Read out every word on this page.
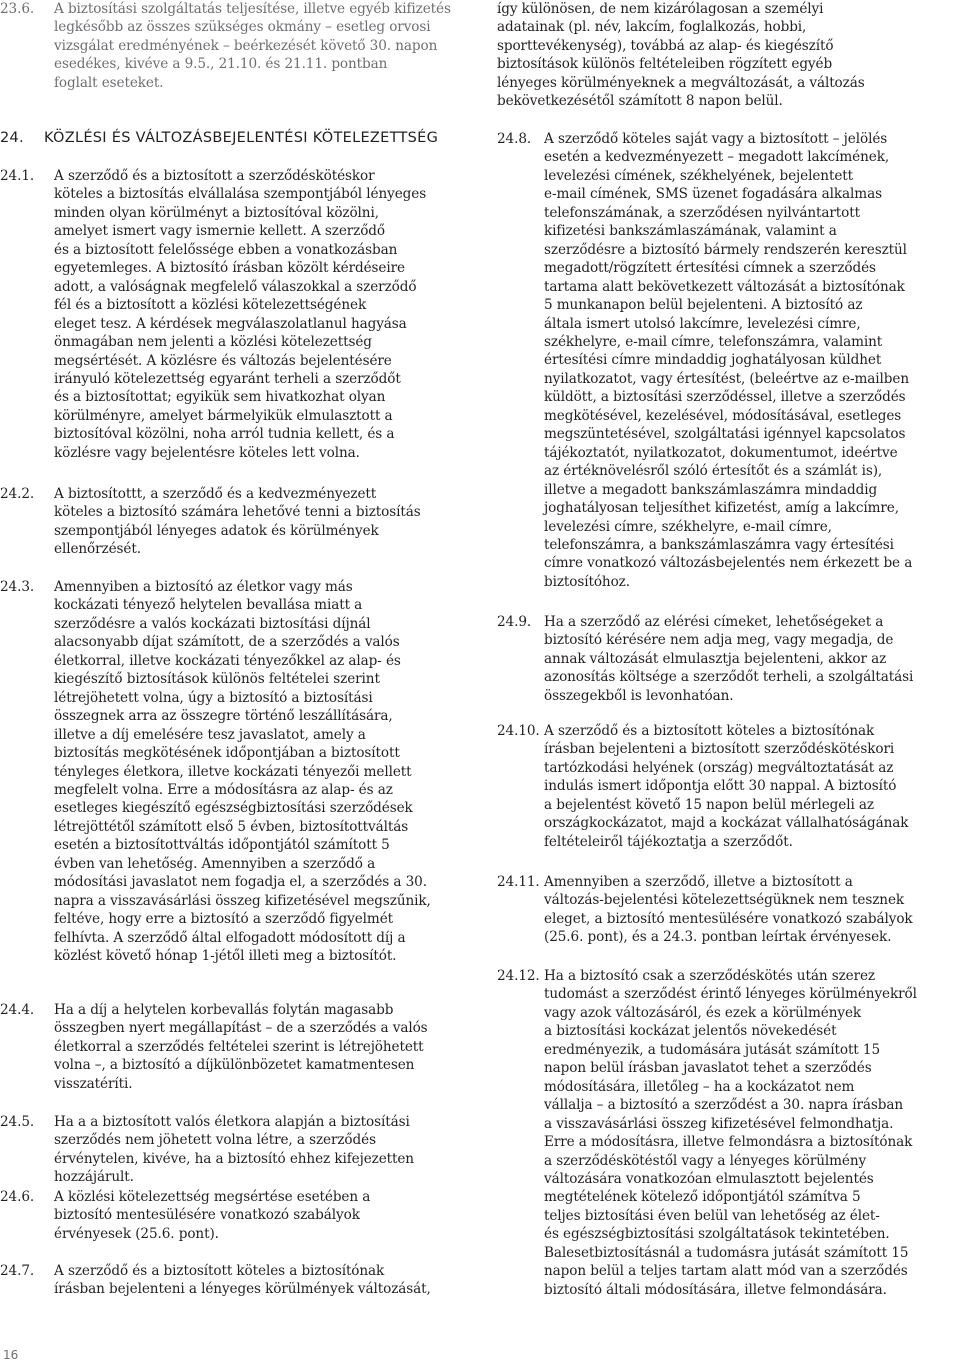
23.6.	A biztosítási szolgáltatás teljesítése, illetve egyéb kifizetés
legkésőbb az összes szükséges okmány – esetleg orvosi
vizsgálat eredményének – beérkezését követő 30. napon
esedékes, kivéve a 9.5., 21.10. és 21.11. pontban
foglalt eseteket.
24.	KÖZLÉSI ÉS VÁLTOZÁSBEJELENTÉSI KÖTELEZETTSÉG
24.1.	A szerződő és a biztosított a szerződéskötéskor
köteles a biztosítás elvállalása szempontjából lényeges
minden olyan körülményt a biztosítóval közölni,
amelyet ismert vagy ismernie kellett. A szerződő
és a biztosított felelőssége ebben a vonatkozásban
egyetemleges. A biztosító írásban közölt kérdéseire
adott, a valóságnak megfelelő válaszokkal a szerződő
fél és a biztosított a közlési kötelezettségének
eleget tesz. A kérdések megválaszolatlanul hagyása
önmagában nem jelenti a közlési kötelezettség
megsértését. A közlésre és változás bejelentésére
irányuló kötelezettség egyaránt terheli a szerződőt
és a biztosítottat; egyikük sem hivatkozhat olyan
körülményre, amelyet bármelyikük elmulasztott a
biztosítóval közölni, noha arról tudnia kellett, és a
közlésre vagy bejelentésre köteles lett volna.
24.2.	A biztosítottt, a szerződő és a kedvezményezett
köteles a biztosító számára lehetővé tenni a biztosítás
szempontjából lényeges adatok és körülmények
ellenőrzését.
24.3.	Amennyiben a biztosító az életkor vagy más
kockázati tényező helytelen bevallása miatt a
szerződésre a valós kockázati biztosítási díjnál
alacsonyabb díjat számított, de a szerződés a valós
életkorral, illetve kockázati tényezőkkel az alap- és
kiegészítő biztosítások különös feltételei szerint
létrejöhetett volna, úgy a biztosító a biztosítási
összegnek arra az összegre történő leszállítására,
illetve a díj emelésére tesz javaslatot, amely a
biztosítás megkötésének időpontjában a biztosított
tényleges életkora, illetve kockázati tényezői mellett
megfelelt volna. Erre a módosításra az alap- és az
esetleges kiegészítő egészségbiztosítási szerződések
létrejöttétől számított első 5 évben, biztosítottváltás
esetén a biztosítottváltás időpontjától számított 5
évben van lehetőség. Amennyiben a szerződő a
módosítási javaslatot nem fogadja el, a szerződés a 30.
napra a visszavásárlási összeg kifizetésével megszűnik,
feltéve, hogy erre a biztosító a szerződő figyelmét
felhívta. A szerződő által elfogadott módosított díj a
közlést követő hónap 1-jétől illeti meg a biztosítót.
24.4.	Ha a díj a helytelen korbevallás folytán magasabb
összegben nyert megállapítást – de a szerződés a valós
életkorral a szerződés feltételei szerint is létrejöhetett
volna –, a biztosító a díjkülönbözetet kamatmentesen
visszatéríti.
24.5.	Ha a a biztosított valós életkora alapján a biztosítási
szerződés nem jöhetett volna létre, a szerződés
érvénytelen, kivéve, ha a biztosító ehhez kifejezetten
hozzájárult.
24.6.	A közlési kötelezettség megsértése esetében a
biztosító mentesülésére vonatkozó szabályok
érvényesek (25.6. pont).
24.7.	A szerződő és a biztosított köteles a biztosítónak
írásban bejelenteni a lényeges körülmények változását,
így különösen, de nem kizárólagosan a személyi
adatainak (pl. név, lakcím, foglalkozás, hobbi,
sporttevékenység), továbbá az alap- és kiegészítő
biztosítások különös feltételeiben rögzített egyéb
lényeges körülményeknek a megváltozását, a változás
bekövetkezésétől számított 8 napon belül.
24.8. A szerződő köteles saját vagy a biztosított – jelölés
esetén a kedvezményezett – megadott lakcímének,
levelezési címének, székhelyének, bejelentett
e-mail címének, SMS üzenet fogadására alkalmas
telefonszámának, a szerződésen nyilvántartott
kifizetési bankszámlaszámának, valamint a
szerződésre a biztosító bármely rendszerén keresztül
megadott/rögzített értesítési címnek a szerződés
tartama alatt bekövetkezett változását a biztosítónak
5 munkanapon belül bejelenteni. A biztosító az
általa ismert utolsó lakcímre, levelezési címre,
székhelyre, e-mail címre, telefonszámra, valamint
értesítési címre mindaddig joghatályosan küldhet
nyilatkozatot, vagy értesítést, (beleértve az e-mailben
küldött, a biztosítási szerződéssel, illetve a szerződés
megkötésével, kezelésével, módosításával, esetleges
megszüntetésével, szolgáltatási igénnyel kapcsolatos
tájékoztatót, nyilatkozatot, dokumentumot, ideértve
az értéknövelésről szóló értesítőt és a számlát is),
illetve a megadott bankszámlaszámra mindaddig
joghatályosan teljesíthet kifizetést, amíg a lakcímre,
levelezési címre, székhelyre, e-mail címre,
telefonszámra, a bankszámlaszámra vagy értesítési
címre vonatkozó változásbejelentés nem érkezett be a
biztosítóhoz.
24.9. Ha a szerződő az elérési címeket, lehetőségeket a
biztosító kérésére nem adja meg, vagy megadja, de
annak változását elmulasztja bejelenteni, akkor az
azonosítás költsége a szerződőt terheli, a szolgáltatási
összegekből is levonhatóan.
24.10. A szerződő és a biztosított köteles a biztosítónak
írásban bejelenteni a biztosított szerződéskötéskori
tartózkodási helyének (ország) megváltoztatását az
indulás ismert időpontja előtt 30 nappal. A biztosító
a bejelentést követő 15 napon belül mérlegeli az
országkockázatot, majd a kockázat vállalhatóságának
feltételeiről tájékoztatja a szerződőt.
24.11. Amennyiben a szerződő, illetve a biztosított a
változás-bejelentési kötelezettségüknek nem tesznek
eleget, a biztosító mentesülésére vonatkozó szabályok
(25.6. pont), és a 24.3. pontban leírtak érvényesek.
24.12. Ha a biztosító csak a szerződéskötés után szerez
tudomást a szerződést érintő lényeges körülményekről
vagy azok változásáról, és ezek a körülmények
a biztosítási kockázat jelentős növekedését
eredményezik, a tudomására jutását számított 15
napon belül írásban javaslatot tehet a szerződés
módosítására, illetőleg – ha a kockázatot nem
vállalja – a biztosító a szerződést a 30. napra írásban
a visszavásárlási összeg kifizetésével felmondhatja.
Erre a módosításra, illetve felmondásra a biztosítónak
a szerződéskötéstől vagy a lényeges körülmény
változására vonatkozóan elmulasztott bejelentés
megtételének kötelező időpontjától számítva 5
teljes biztosítási éven belül van lehetőség az élet-
és egészségbiztosítási szolgáltatások tekintetében.
Balesetbiztosításnál a tudomásra jutását számított 15
napon belül a teljes tartam alatt mód van a szerződés
biztosító általi módosítására, illetve felmondására.
16
